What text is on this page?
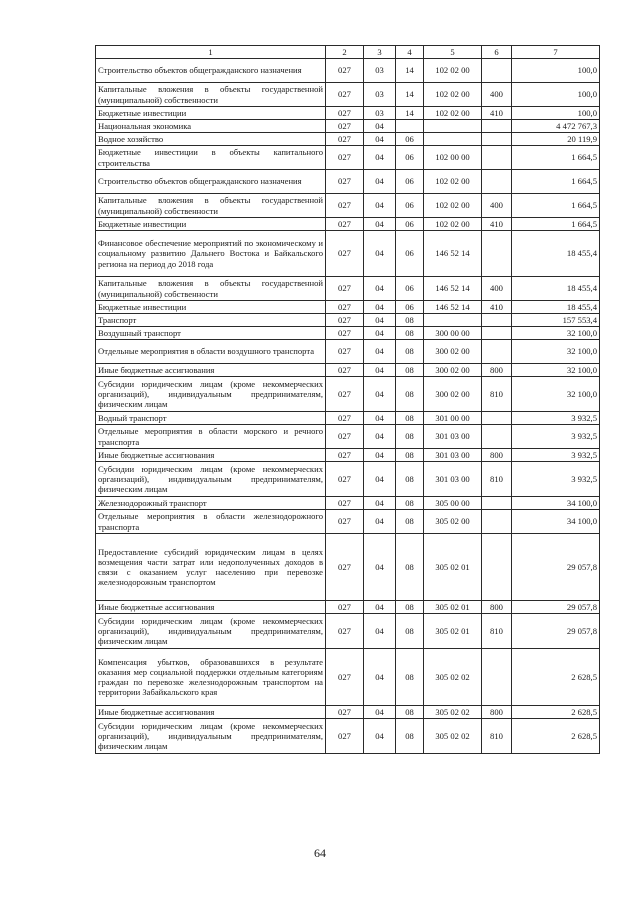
1	2	3	4	5	6	7
Строительство объектов общегражданского назначения	027	03	14	102 02 00		100,0
Капитальные вложения в объекты государственной (муниципальной) собственности	027	03	14	102 02 00	400	100,0
Бюджетные инвестиции	027	03	14	102 02 00	410	100,0
Национальная экономика	027	04				4 472 767,3
Водное хозяйство	027	04	06			20 119,9
Бюджетные инвестиции в объекты капитального строительства	027	04	06	102 00 00		1 664,5
Строительство объектов общегражданского назначения	027	04	06	102 02 00		1 664,5
Капитальные вложения в объекты государственной (муниципальной) собственности	027	04	06	102 02 00	400	1 664,5
Бюджетные инвестиции	027	04	06	102 02 00	410	1 664,5
Финансовое обеспечение мероприятий по экономическому и социальному развитию Дальнего Востока и Байкальского региона на период до 2018 года	027	04	06	146 52 14		18 455,4
Капитальные вложения в объекты государственной (муниципальной) собственности	027	04	06	146 52 14	400	18 455,4
Бюджетные инвестиции	027	04	06	146 52 14	410	18 455,4
Транспорт	027	04	08			157 553,4
Воздушный транспорт	027	04	08	300 00 00		32 100,0
Отдельные мероприятия в области воздушного транспорта	027	04	08	300 02 00		32 100,0
Иные бюджетные ассигнования	027	04	08	300 02 00	800	32 100,0
Субсидии юридическим лицам (кроме некоммерческих организаций), индивидуальным предпринимателям, физическим лицам	027	04	08	300 02 00	810	32 100,0
Водный транспорт	027	04	08	301 00 00		3 932,5
Отдельные мероприятия в области морского и речного транспорта	027	04	08	301 03 00		3 932,5
Иные бюджетные ассигнования	027	04	08	301 03 00	800	3 932,5
Субсидии юридическим лицам (кроме некоммерческих организаций), индивидуальным предпринимателям, физическим лицам	027	04	08	301 03 00	810	3 932,5
Железнодорожный транспорт	027	04	08	305 00 00		34 100,0
Отдельные мероприятия в области железнодорожного транспорта	027	04	08	305 02 00		34 100,0
Предоставление субсидий юридическим лицам в целях возмещения части затрат или недополученных доходов в связи с оказанием услуг населению при перевозке железнодорожным транспортом	027	04	08	305 02 01		29 057,8
Иные бюджетные ассигнования	027	04	08	305 02 01	800	29 057,8
Субсидии юридическим лицам (кроме некоммерческих организаций), индивидуальным предпринимателям, физическим лицам	027	04	08	305 02 01	810	29 057,8
Компенсация убытков, образовавшихся в результате оказания мер социальной поддержки отдельным категориям граждан по перевозке железнодорожным транспортом на территории Забайкальского края	027	04	08	305 02 02		2 628,5
Иные бюджетные ассигнования	027	04	08	305 02 02	800	2 628,5
Субсидии юридическим лицам (кроме некоммерческих организаций), индивидуальным предпринимателям, физическим лицам	027	04	08	305 02 02	810	2 628,5
64
